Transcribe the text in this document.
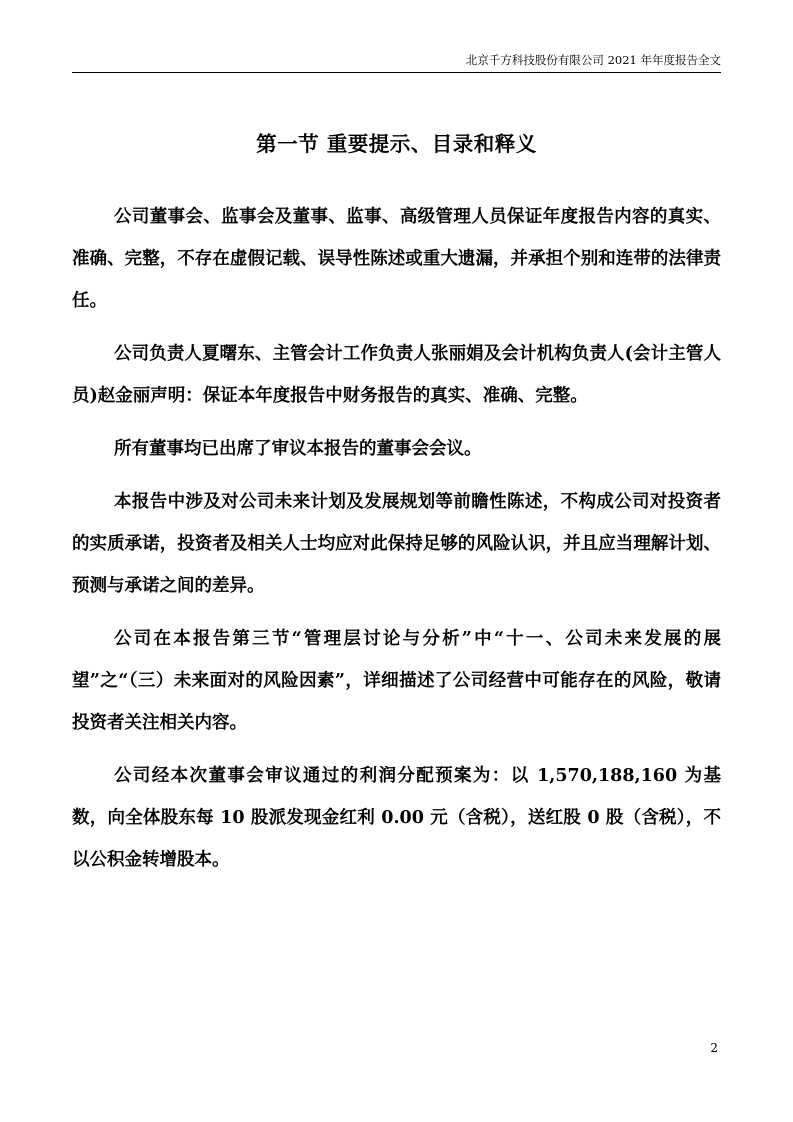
北京千方科技股份有限公司 2021 年年度报告全文
第一节 重要提示、目录和释义

公司董事会、监事会及董事、监事、高级管理人员保证年度报告内容的真实、准确、完整，不存在虚假记载、误导性陈述或重大遗漏，并承担个别和连带的法律责任。

公司负责人夏曙东、主管会计工作负责人张丽娟及会计机构负责人(会计主管人员)赵金丽声明：保证本年度报告中财务报告的真实、准确、完整。

所有董事均已出席了审议本报告的董事会会议。

本报告中涉及对公司未来计划及发展规划等前瞻性陈述，不构成公司对投资者的实质承诺，投资者及相关人士均应对此保持足够的风险认识，并且应当理解计划、预测与承诺之间的差异。

公司在本报告第三节“管理层讨论与分析”中“十一、公司未来发展的展望”之“（三）未来面对的风险因素”，详细描述了公司经营中可能存在的风险，敬请投资者关注相关内容。

公司经本次董事会审议通过的利润分配预案为：以 1,570,188,160 为基数，向全体股东每 10 股派发现金红利 0.00 元（含税），送红股 0 股（含税），不以公积金转增股本。

2
